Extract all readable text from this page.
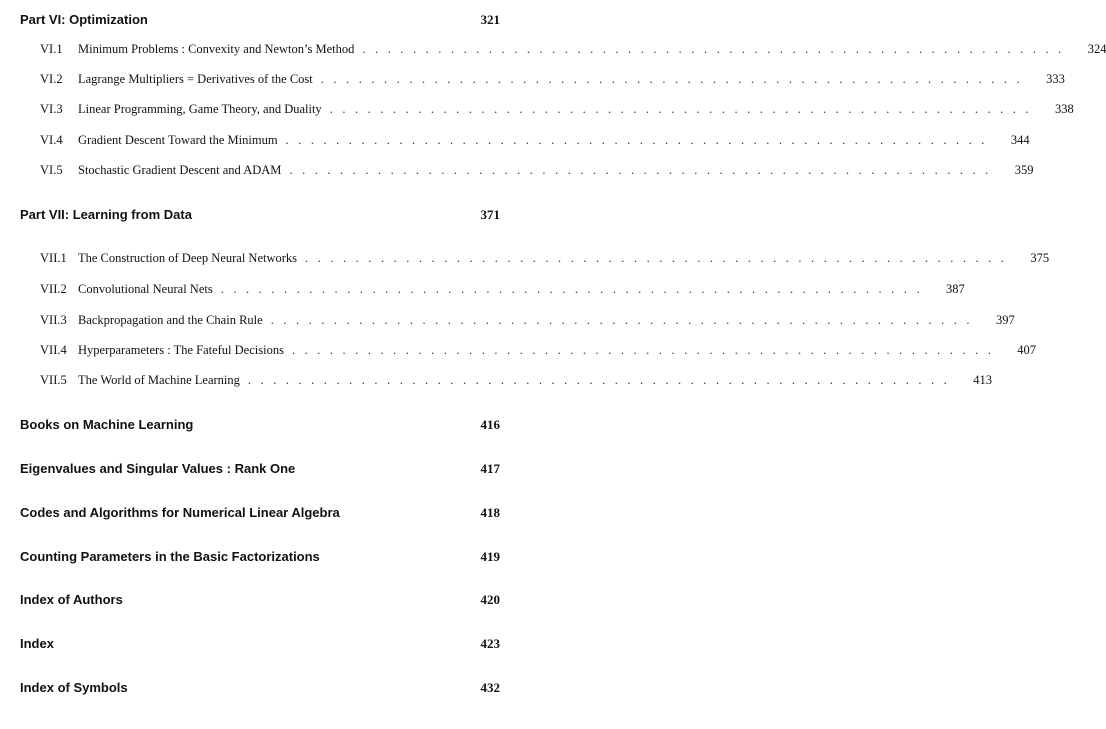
Part VI: Optimization	321
VI.1	Minimum Problems : Convexity and Newton’s Method . . . . . . . . . . . . . . . . . . . . . . . . . . . . . . . . . . . . . . . . . . . . . . . . . . . . . . . .	324
VI.2	Lagrange Multipliers = Derivatives of the Cost . . . . . . . . . . . . . . . . . . . . . . . . . . . . . . . . . . . . . . . . . . . . . . . . . . . . . . . .	333
VI.3	Linear Programming, Game Theory, and Duality . . . . . . . . . . . . . . . . . . . . . . . . . . . . . . . . . . . . . . . . . . . . . . . . . . . . . . . .	338
VI.4	Gradient Descent Toward the Minimum . . . . . . . . . . . . . . . . . . . . . . . . . . . . . . . . . . . . . . . . . . . . . . . . . . . . . . . .	344
VI.5	Stochastic Gradient Descent and ADAM . . . . . . . . . . . . . . . . . . . . . . . . . . . . . . . . . . . . . . . . . . . . . . . . . . . . . . . .	359
Part VII: Learning from Data	371
VII.1 The Construction of Deep Neural Networks . . . . . . . . . . . . . . . . . . . . . . . . . . . . . . . . . . . . . . . . . . . . . . . . . . . . . . . .	375
VII.2 Convolutional Neural Nets . . . . . . . . . . . . . . . . . . . . . . . . . . . . . . . . . . . . . . . . . . . . . . . . . . . . . . . .	387
VII.3 Backpropagation and the Chain Rule . . . . . . . . . . . . . . . . . . . . . . . . . . . . . . . . . . . . . . . . . . . . . . . . . . . . . . . .	397
VII.4 Hyperparameters : The Fateful Decisions . . . . . . . . . . . . . . . . . . . . . . . . . . . . . . . . . . . . . . . . . . . . . . . . . . . . . . . .	407
VII.5 The World of Machine Learning . . . . . . . . . . . . . . . . . . . . . . . . . . . . . . . . . . . . . . . . . . . . . . . . . . . . . . . .	413
Books on Machine Learning	416
Eigenvalues and Singular Values : Rank One	417
Codes and Algorithms for Numerical Linear Algebra	418
Counting Parameters in the Basic Factorizations	419
Index of Authors	420
Index	423
Index of Symbols	432
